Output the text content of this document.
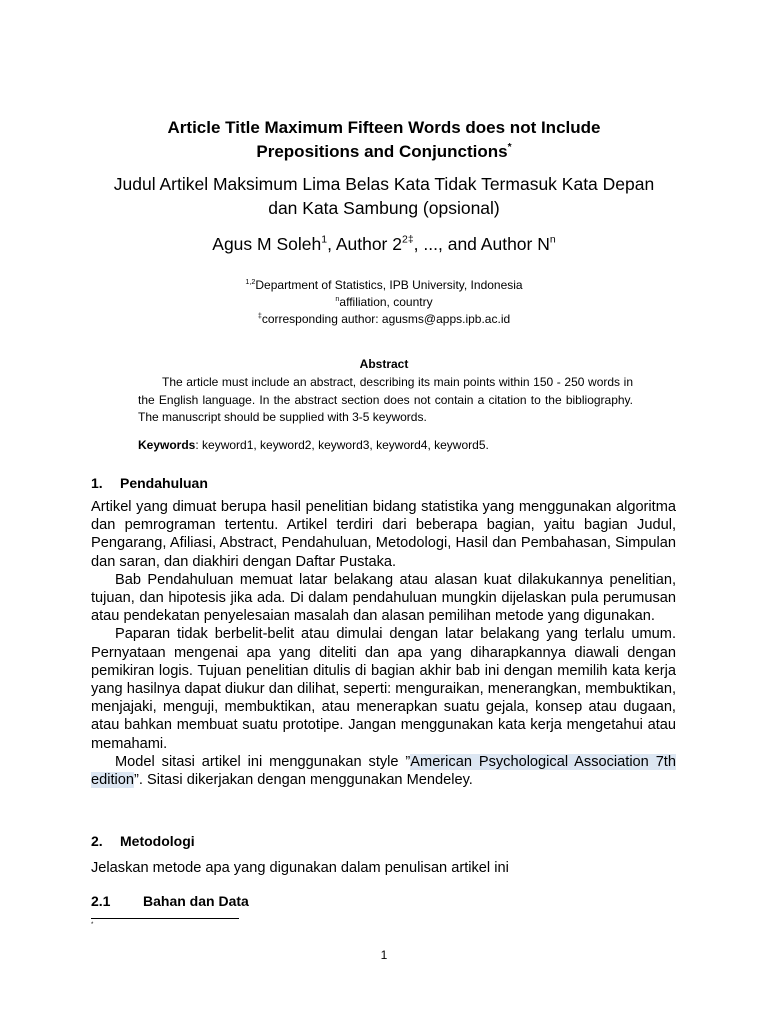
Article Title Maximum Fifteen Words does not Include
Prepositions and Conjunctions*
Judul Artikel Maksimum Lima Belas Kata Tidak Termasuk Kata Depan
dan Kata Sambung (opsional)
Agus M Soleh$^1$, Author $2^{2\ddagger}$, ..., and Author $N^n$
$^{1,2}$Department of Statistics, IPB University, Indonesia
$^n$affiliation, country
‡corresponding author: agusms@apps.ipb.ac.id
Abstract
The article must include an abstract, describing its main points within 150 - 250 words in the English language. In the abstract section does not contain a citation to the bibliography. The manuscript should be supplied with 3-5 keywords.
Keywords: keyword1, keyword2, keyword3, keyword4, keyword5.
1. Pendahuluan

Artikel yang dimuat berupa hasil penelitian bidang statistika yang menggunakan algoritma dan pemrograman tertentu. Artikel terdiri dari beberapa bagian, yaitu bagian Judul, Pengarang, Afiliasi, Abstract, Pendahuluan, Metodologi, Hasil dan Pembahasan, Simpulan dan saran, dan diakhiri dengan Daftar Pustaka.

Bab Pendahuluan memuat latar belakang atau alasan kuat dilakukannya penelitian, tujuan, dan hipotesis jika ada. Di dalam pendahuluan mungkin dijelaskan pula perumusan atau pendekatan penyelesaian masalah dan alasan pemilihan metode yang digunakan.

Paparan tidak berbelit-belit atau dimulai dengan latar belakang yang terlalu umum. Pernyataan mengenai apa yang diteliti dan apa yang diharapkannya diawali dengan pemikiran logis. Tujuan penelitian ditulis di bagian akhir bab ini dengan memilih kata kerja yang hasilnya dapat diukur dan dilihat, seperti: menguraikan, menerangkan, membuktikan, menjajaki, menguji, membuktikan, atau menerapkan suatu gejala, konsep atau dugaan, atau bahkan membuat suatu prototipe. Jangan menggunakan kata kerja mengetahui atau memahami.

Model sitasi artikel ini menggunakan style ”American Psychological Association 7th edition”. Sitasi dikerjakan dengan menggunakan Mendeley.

2. Metodologi
Jelaskan metode apa yang digunakan dalam penulisan artikel ini
2.1 Bahan dan Data
*
1
